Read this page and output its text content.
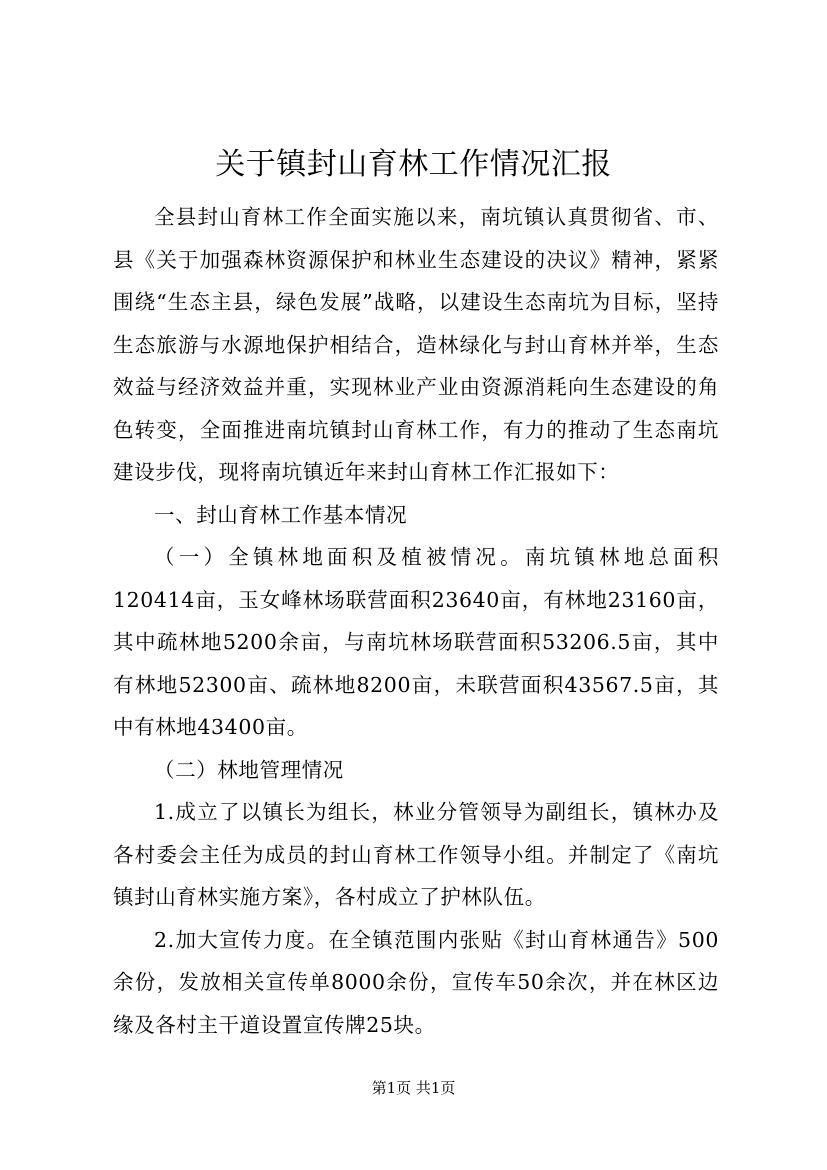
关于镇封山育林工作情况汇报

全县封山育林工作全面实施以来，南坑镇认真贯彻省、市、县《关于加强森林资源保护和林业生态建设的决议》精神，紧紧围绕“生态主县，绿色发展”战略，以建设生态南坑为目标，坚持生态旅游与水源地保护相结合，造林绿化与封山育林并举，生态效益与经济效益并重，实现林业产业由资源消耗向生态建设的角色转变，全面推进南坑镇封山育林工作，有力的推动了生态南坑建设步伐，现将南坑镇近年来封山育林工作汇报如下：

一、封山育林工作基本情况

（一）全镇林地面积及植被情况。南坑镇林地总面积120414亩，玉女峰林场联营面积23640亩，有林地23160亩，其中疏林地5200余亩，与南坑林场联营面积53206.5亩，其中有林地52300亩、疏林地8200亩，未联营面积43567.5亩，其中有林地43400亩。

（二）林地管理情况

1.成立了以镇长为组长，林业分管领导为副组长，镇林办及各村委会主任为成员的封山育林工作领导小组。并制定了《南坑镇封山育林实施方案》，各村成立了护林队伍。

2.加大宣传力度。在全镇范围内张贴《封山育林通告》500余份，发放相关宣传单8000余份，宣传车50余次，并在林区边缘及各村主干道设置宣传牌25块。

第1页 共1页
